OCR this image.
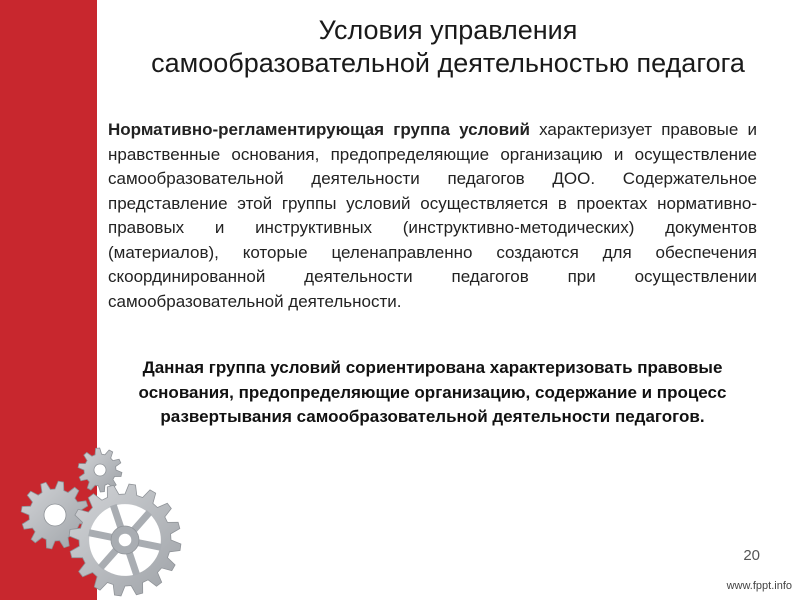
Условия управления
самообразовательной деятельностью педагога
Нормативно-регламентирующая группа условий характеризует правовые и нравственные основания, предопределяющие организацию и осуществление самообразовательной деятельности педагогов ДОО. Содержательное представление этой группы условий осуществляется в проектах нормативно-правовых и инструктивных (инструктивно-методических) документов (материалов), которые целенаправленно создаются для обеспечения скоординированной деятельности педагогов при осуществлении самообразовательной деятельности.
Данная группа условий сориентирована характеризовать правовые основания, предопределяющие организацию, содержание и процесс развертывания самообразовательной деятельности педагогов.
20
www.fppt.info
